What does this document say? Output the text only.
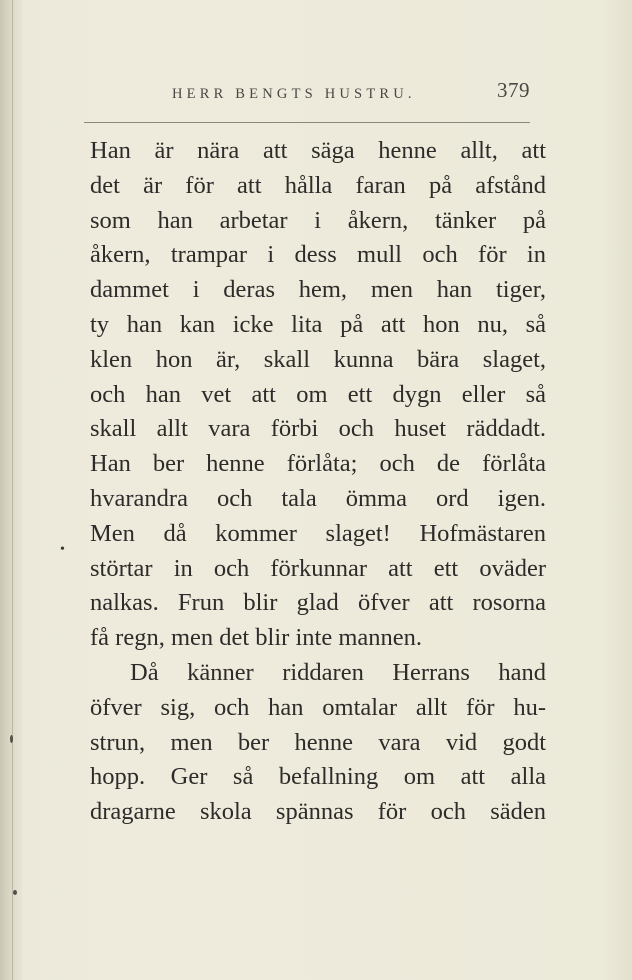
HERR BENGTS HUSTRU.	379
•
Han är nära att säga henne allt, att
det är för att hålla faran på afstånd
som han arbetar i åkern, tänker på
åkern, trampar i dess mull och för in
dammet i deras hem, men han tiger,
ty han kan icke lita på att hon nu, så
klen hon är, skall kunna bära slaget,
och han vet att om ett dygn eller så
skall allt vara förbi och huset räddadt.
Han ber henne förlåta; och de förlåta
hvarandra och tala ömma ord igen.
Men då kommer slaget! Hofmästaren
störtar in och förkunnar att ett oväder
nalkas. Frun blir glad öfver att rosorna
få regn, men det blir inte mannen.
Då känner riddaren Herrans hand
öfver sig, och han omtalar allt för hu-
strun, men ber henne vara vid godt
hopp. Ger så befallning om att alla
dragarne skola spännas för och säden
